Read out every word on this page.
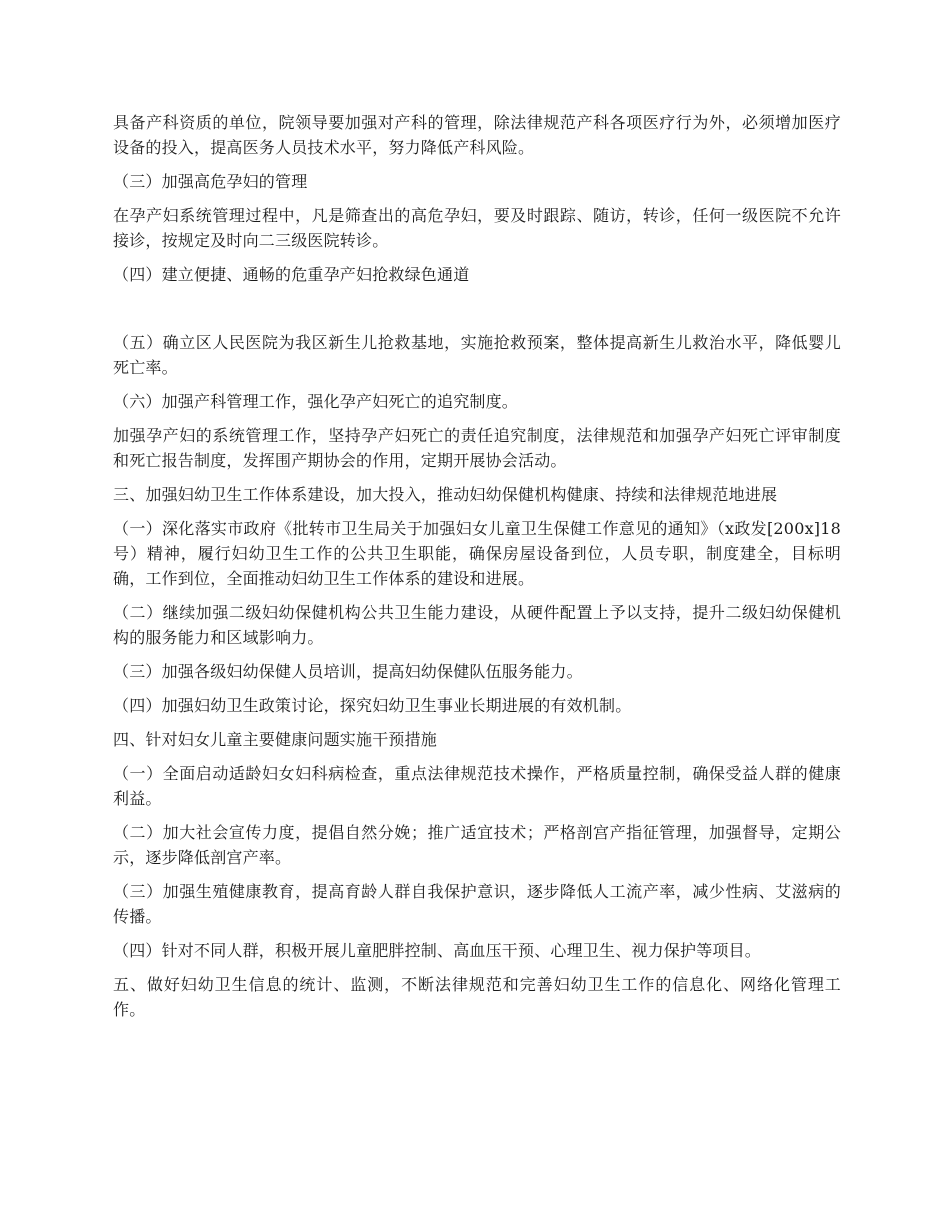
具备产科资质的单位，院领导要加强对产科的管理，除法律规范产科各项医疗行为外，必须增加医疗设备的投入，提高医务人员技术水平，努力降低产科风险。

（三）加强高危孕妇的管理

在孕产妇系统管理过程中，凡是筛查出的高危孕妇，要及时跟踪、随访，转诊，任何一级医院不允许接诊，按规定及时向二三级医院转诊。

（四）建立便捷、通畅的危重孕产妇抢救绿色通道

（五）确立区人民医院为我区新生儿抢救基地，实施抢救预案，整体提高新生儿救治水平，降低婴儿死亡率。

（六）加强产科管理工作，强化孕产妇死亡的追究制度。

加强孕产妇的系统管理工作，坚持孕产妇死亡的责任追究制度，法律规范和加强孕产妇死亡评审制度和死亡报告制度，发挥围产期协会的作用，定期开展协会活动。

三、加强妇幼卫生工作体系建设，加大投入，推动妇幼保健机构健康、持续和法律规范地进展

（一）深化落实市政府《批转市卫生局关于加强妇女儿童卫生保健工作意见的通知》（x政发[200x]18号）精神，履行妇幼卫生工作的公共卫生职能，确保房屋设备到位，人员专职，制度建全，目标明确，工作到位，全面推动妇幼卫生工作体系的建设和进展。

（二）继续加强二级妇幼保健机构公共卫生能力建设，从硬件配置上予以支持，提升二级妇幼保健机构的服务能力和区域影响力。

（三）加强各级妇幼保健人员培训，提高妇幼保健队伍服务能力。

（四）加强妇幼卫生政策讨论，探究妇幼卫生事业长期进展的有效机制。

四、针对妇女儿童主要健康问题实施干预措施

（一）全面启动适龄妇女妇科病检查，重点法律规范技术操作，严格质量控制，确保受益人群的健康利益。

（二）加大社会宣传力度，提倡自然分娩；推广适宜技术；严格剖宫产指征管理，加强督导，定期公示，逐步降低剖宫产率。

（三）加强生殖健康教育，提高育龄人群自我保护意识，逐步降低人工流产率，减少性病、艾滋病的传播。

（四）针对不同人群，积极开展儿童肥胖控制、高血压干预、心理卫生、视力保护等项目。

五、做好妇幼卫生信息的统计、监测，不断法律规范和完善妇幼卫生工作的信息化、网络化管理工作。
